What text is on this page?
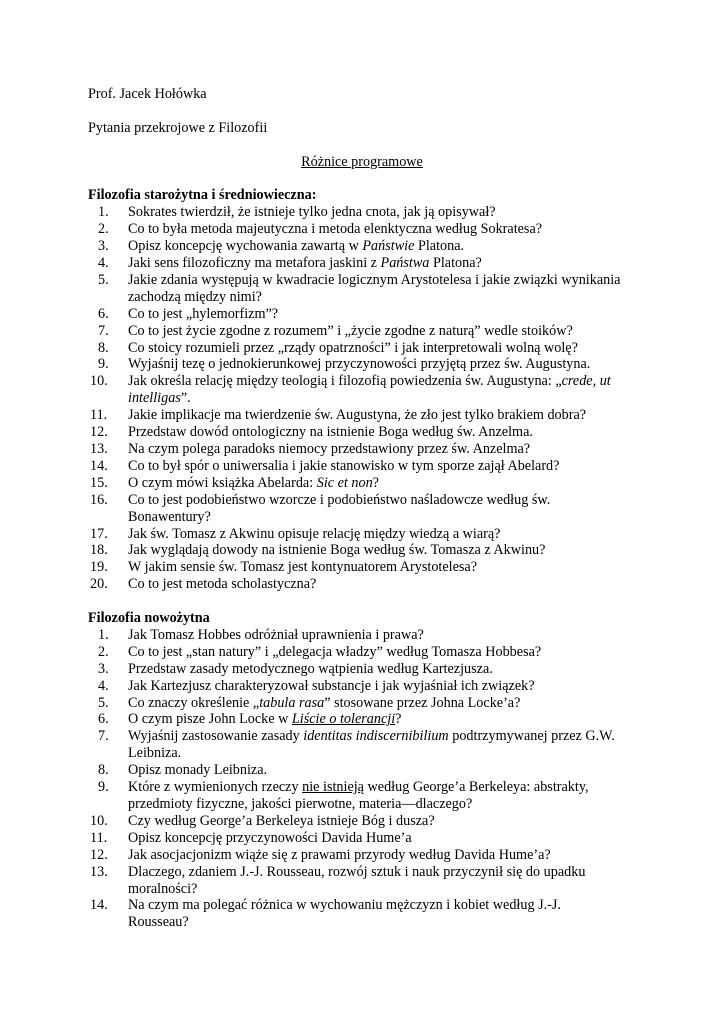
Prof. Jacek Hołówka

Pytania przekrojowe z Filozofii

Różnice programowe

Filozofia starożytna i średniowieczna:

1.	Sokrates twierdził, że istnieje tylko jedna cnota, jak ją opisywał?
2.	Co to była metoda majeutyczna i metoda elenktyczna według Sokratesa?
3.	Opisz koncepcję wychowania zawartą w Państwie Platona.
4.	Jaki sens filozoficzny ma metafora jaskini z Państwa Platona?
5.	Jakie zdania występują w kwadracie logicznym Arystotelesa i jakie związki wynikania
zachodzą między nimi?
6.	Co to jest „hylemorfizm”?
7.	Co to jest życie zgodne z rozumem” i „życie zgodne z naturą” wedle stoików?
8.	Co stoicy rozumieli przez „rządy opatrzności” i jak interpretowali wolną wolę?
9.	Wyjaśnij tezę o jednokierunkowej przyczynowości przyjętą przez św. Augustyna.
10.	Jak określa relację między teologią i filozofią powiedzenia św. Augustyna: „crede, ut
intelligas”.
11.	Jakie implikacje ma twierdzenie św. Augustyna, że zło jest tylko brakiem dobra?
12.	Przedstaw dowód ontologiczny na istnienie Boga według św. Anzelma.
13.	Na czym polega paradoks niemocy przedstawiony przez św. Anzelma?
14.	Co to był spór o uniwersalia i jakie stanowisko w tym sporze zajął Abelard?
15.	O czym mówi książka Abelarda: Sic et non?
16.	Co to jest podobieństwo wzorcze i podobieństwo naśladowcze według św.
Bonawentury?
17.	Jak św. Tomasz z Akwinu opisuje relację między wiedzą a wiarą?
18.	Jak wyglądają dowody na istnienie Boga według św. Tomasza z Akwinu?
19.	W jakim sensie św. Tomasz jest kontynuatorem Arystotelesa?
20.	Co to jest metoda scholastyczna?

Filozofia nowożytna

1.	Jak Tomasz Hobbes odróżniał uprawnienia i prawa?
2.	Co to jest „stan natury” i „delegacja władzy” według Tomasza Hobbesa?
3.	Przedstaw zasady metodycznego wątpienia według Kartezjusza.
4.	Jak Kartezjusz charakteryzował substancje i jak wyjaśniał ich związek?
5.	Co znaczy określenie „tabula rasa” stosowane przez Johna Locke’a?
6.	O czym pisze John Locke w Liście o tolerancji?
7.	Wyjaśnij zastosowanie zasady identitas indiscernibilium podtrzymywanej przez G.W.
Leibniza.
8.	Opisz monady Leibniza.
9.	Które z wymienionych rzeczy nie istnieją według George’a Berkeleya: abstrakty,
przedmioty fizyczne, jakości pierwotne, materia—dlaczego?
10.	Czy według George’a Berkeleya istnieje Bóg i dusza?
11.	Opisz koncepcję przyczynowości Davida Hume’a
12.	Jak asocjacjonizm wiąże się z prawami przyrody według Davida Hume’a?
13.	Dlaczego, zdaniem J.-J. Rousseau, rozwój sztuk i nauk przyczynił się do upadku
moralności?
14.	Na czym ma polegać różnica w wychowaniu mężczyzn i kobiet według J.-J.
Rousseau?
